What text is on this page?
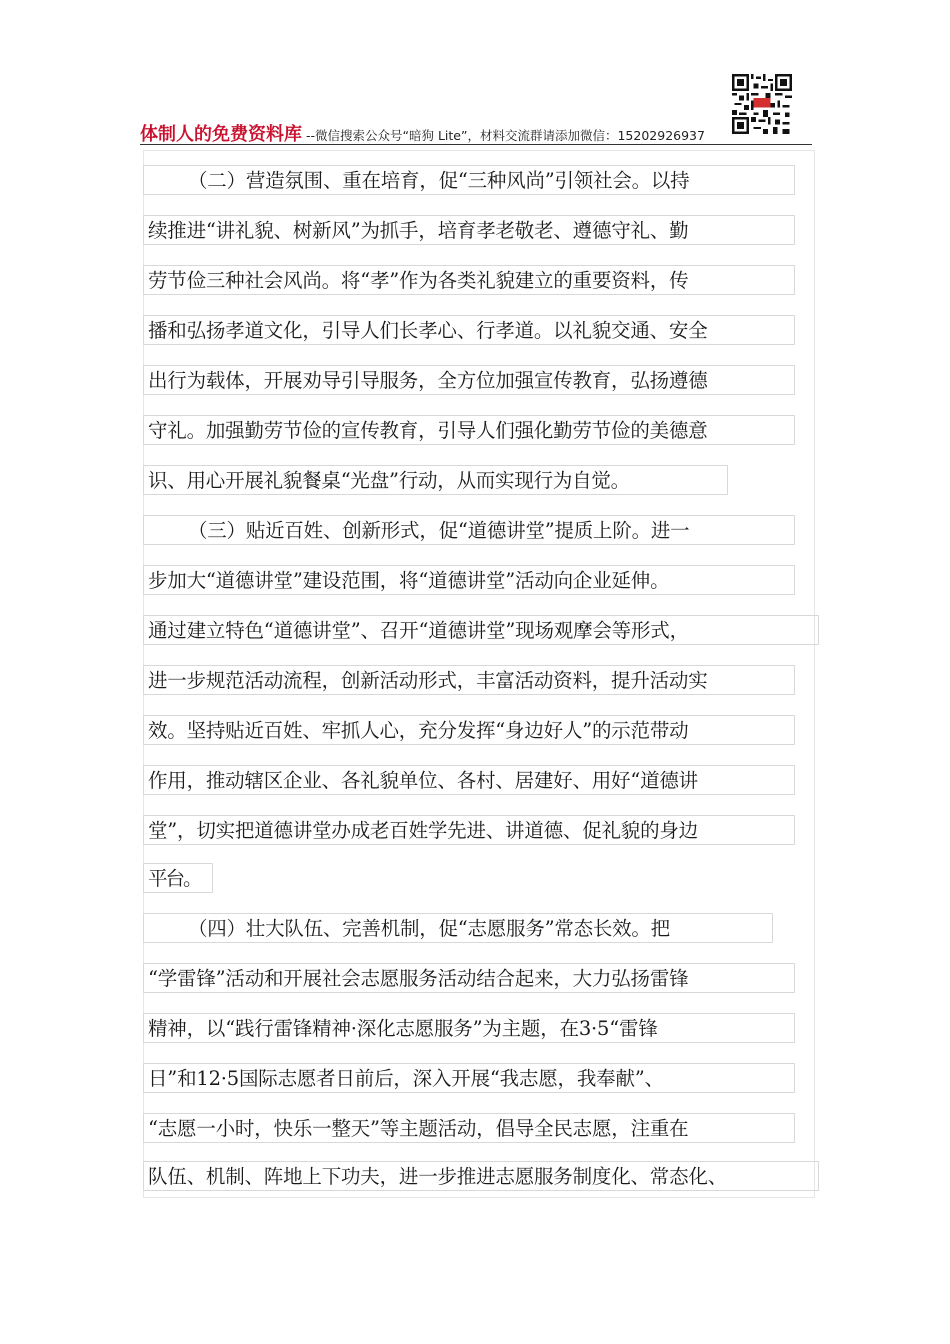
体制人的免费资料库 --微信搜索公众号“暗狗 Lite”，材料交流群请添加微信：15202926937
（二）营造氛围、重在培育，促“三种风尚”引领社会。以持
续推进“讲礼貌、树新风”为抓手，培育孝老敬老、遵德守礼、勤
劳节俭三种社会风尚。将“孝”作为各类礼貌建立的重要资料，传
播和弘扬孝道文化，引导人们长孝心、行孝道。以礼貌交通、安全
出行为载体，开展劝导引导服务，全方位加强宣传教育，弘扬遵德
守礼。加强勤劳节俭的宣传教育，引导人们强化勤劳节俭的美德意
识、用心开展礼貌餐桌“光盘”行动，从而实现行为自觉。
（三）贴近百姓、创新形式，促“道德讲堂”提质上阶。进一
步加大“道德讲堂”建设范围，将“道德讲堂”活动向企业延伸。
通过建立特色“道德讲堂”、召开“道德讲堂”现场观摩会等形式，
进一步规范活动流程，创新活动形式，丰富活动资料，提升活动实
效。坚持贴近百姓、牢抓人心，充分发挥“身边好人”的示范带动
作用，推动辖区企业、各礼貌单位、各村、居建好、用好“道德讲
堂”，切实把道德讲堂办成老百姓学先进、讲道德、促礼貌的身边
平台。
（四）壮大队伍、完善机制，促“志愿服务”常态长效。把
“学雷锋”活动和开展社会志愿服务活动结合起来，大力弘扬雷锋
精神，以“践行雷锋精神·深化志愿服务”为主题，在3·5“雷锋
日”和12·5国际志愿者日前后，深入开展“我志愿，我奉献”、
“志愿一小时，快乐一整天”等主题活动，倡导全民志愿，注重在
队伍、机制、阵地上下功夫，进一步推进志愿服务制度化、常态化、
